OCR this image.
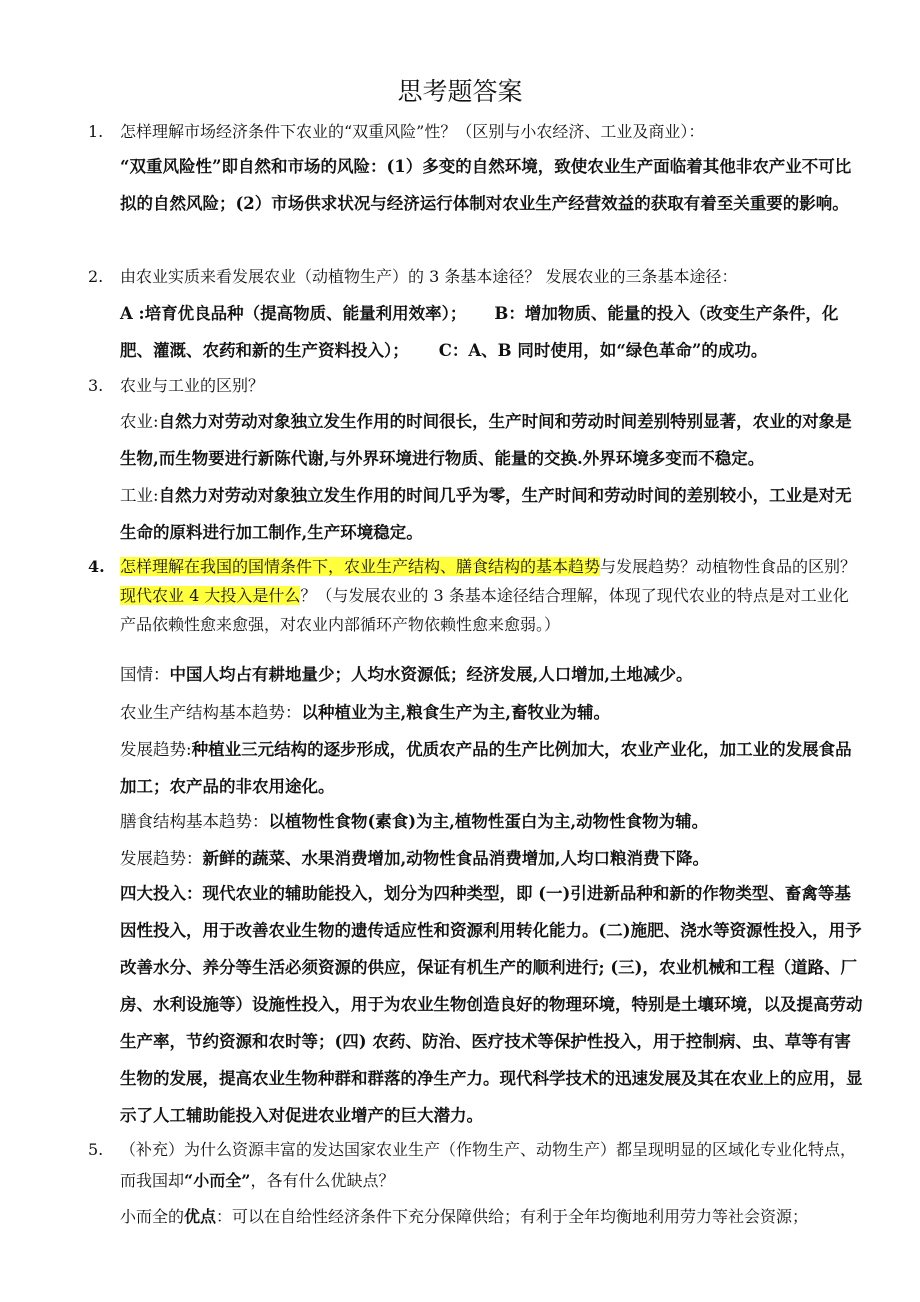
思考题答案
1. 怎样理解市场经济条件下农业的“双重风险”性？（区别与小农经济、工业及商业）：
“双重风险性”即自然和市场的风险：(1）多变的自然环境，致使农业生产面临着其他非农产业不可比拟的自然风险；(2）市场供求状况与经济运行体制对农业生产经营效益的获取有着至关重要的影响。
2. 由农业实质来看发展农业（动植物生产）的 3 条基本途径？ 发展农业的三条基本途径：
A :培育优良品种（提高物质、能量利用效率）； B：增加物质、能量的投入（改变生产条件，化肥、灌溉、农药和新的生产资料投入）； C：A、B 同时使用，如“绿色革命”的成功。
3. 农业与工业的区别？
农业:自然力对劳动对象独立发生作用的时间很长，生产时间和劳动时间差别特别显著，农业的对象是生物,而生物要进行新陈代谢,与外界环境进行物质、能量的交换.外界环境多变而不稳定。
工业:自然力对劳动对象独立发生作用的时间几乎为零，生产时间和劳动时间的差别较小，工业是对无生命的原料进行加工制作,生产环境稳定。
4. 怎样理解在我国的国情条件下，农业生产结构、膳食结构的基本趋势与发展趋势？动植物性食品的区别？现代农业 4 大投入是什么？（与发展农业的 3 条基本途径结合理解，体现了现代农业的特点是对工业化产品依赖性愈来愈强，对农业内部循环产物依赖性愈来愈弱。）
国情：中国人均占有耕地量少；人均水资源低；经济发展,人口增加,土地减少。
农业生产结构基本趋势：以种植业为主,粮食生产为主,畜牧业为辅。
发展趋势:种植业三元结构的逐步形成，优质农产品的生产比例加大，农业产业化，加工业的发展食品加工；农产品的非农用途化。
膳食结构基本趋势：以植物性食物(素食)为主,植物性蛋白为主,动物性食物为辅。
发展趋势：新鲜的蔬菜、水果消费增加,动物性食品消费增加,人均口粮消费下降。
四大投入：现代农业的辅助能投入，划分为四种类型，即 (一)引进新品种和新的作物类型、畜禽等基因性投入，用于改善农业生物的遗传适应性和资源利用转化能力。(二)施肥、浇水等资源性投入，用予改善水分、养分等生活必须资源的供应，保证有机生产的顺利进行; (三)，农业机械和工程（道路、厂房、水利设施等）设施性投入，用于为农业生物创造良好的物理环境，特别是土壤环境，以及提高劳动生产率，节约资源和农时等；(四) 农药、防治、医疗技术等保护性投入，用于控制病、虫、草等有害生物的发展，提高农业生物种群和群落的净生产力。现代科学技术的迅速发展及其在农业上的应用，显示了人工辅助能投入对促进农业增产的巨大潜力。
5. （补充）为什么资源丰富的发达国家农业生产（作物生产、动物生产）都呈现明显的区域化专业化特点，而我国却“小而全”，各有什么优缺点？
小而全的优点：可以在自给性经济条件下充分保障供给；有利于全年均衡地利用劳力等社会资源；
